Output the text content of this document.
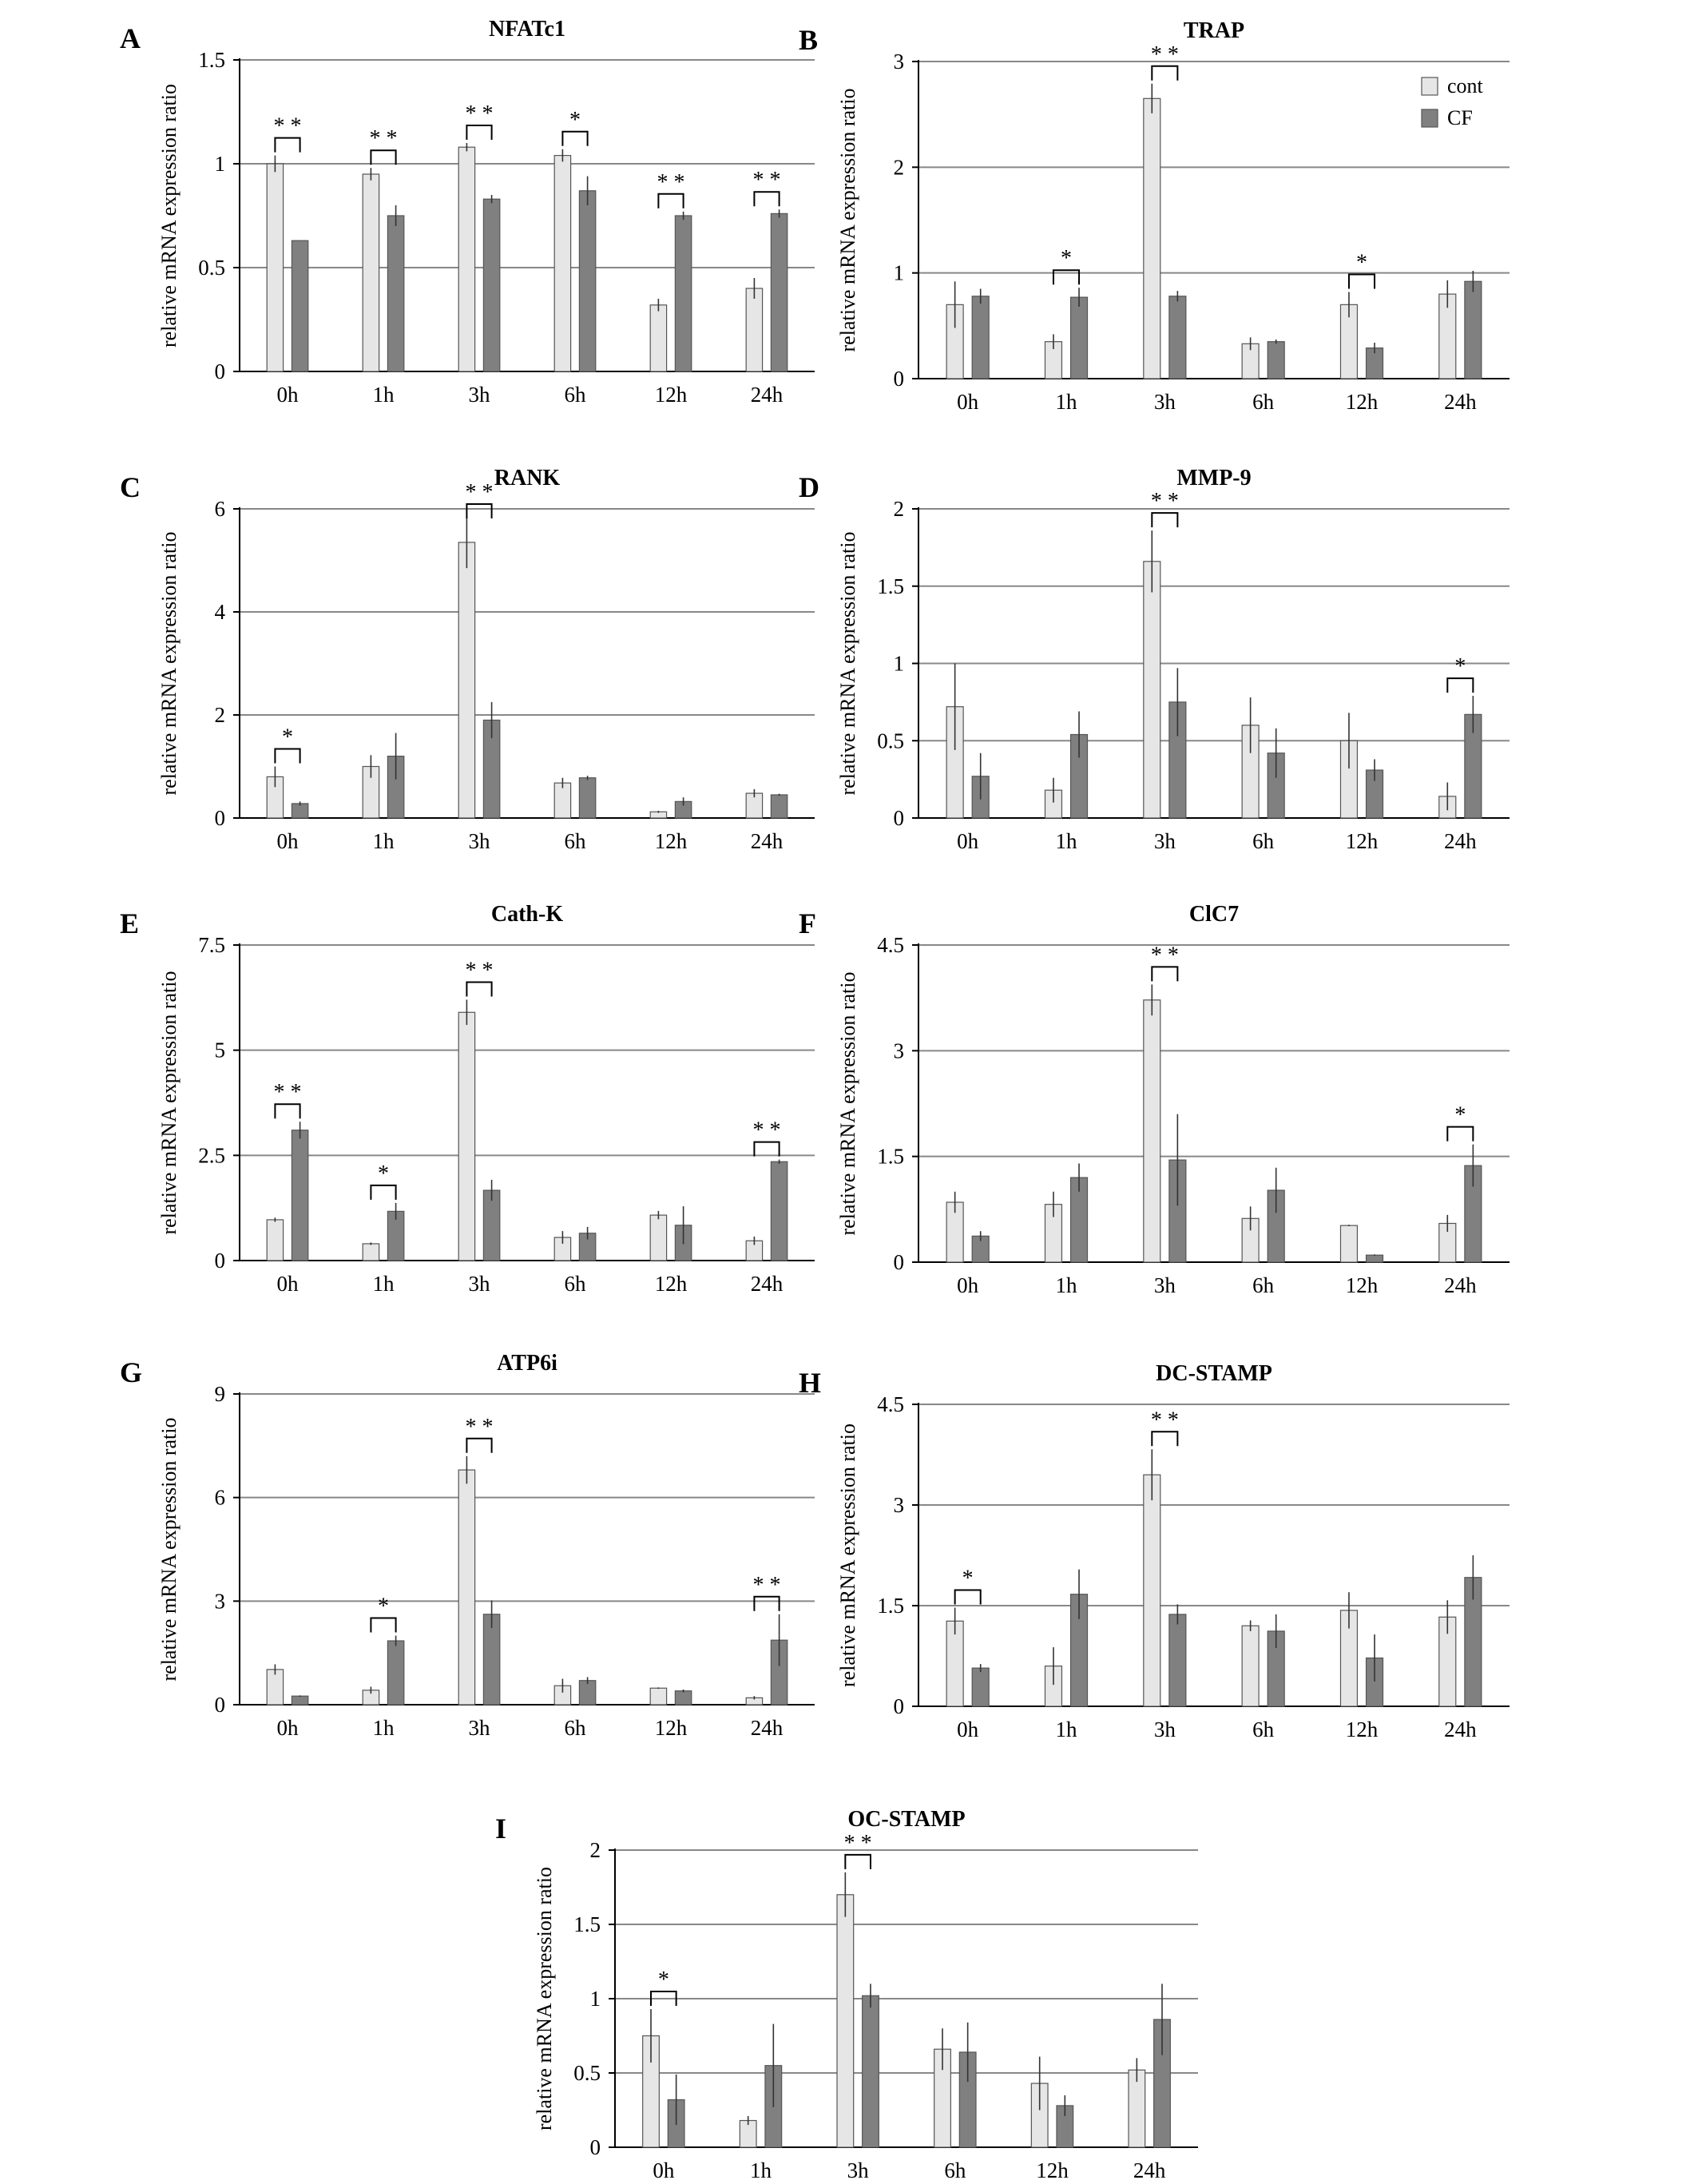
A	NFATc1
relative mRNA expression ratio
0
0.5
1
1.5
0h	1h	3h	6h	12h	24h
* *
* *
* *	*
* *	* *
B	TRAP
relative mRNA expression ratio
0
1
2
3
0h	1h	3h	6h	12h	24h
*
* *
*
cont
CF
C	RANK
relative mRNA expression ratio
0
2
4
6
0h	1h	3h	6h	12h	24h
*
* *	D	MMP-9
relative mRNA expression ratio
0
0.5
1
1.5
2
0h	1h	3h	6h	12h	24h
* *
*
E	Cath-K
relative mRNA expression ratio
0
2.5
5
7.5
0h	1h	3h	6h	12h	24h
* *
*
* *
* *
F	ClC7
relative mRNA expression ratio
0
1.5
3
4.5
0h	1h	3h	6h	12h	24h
* *
*
G	ATP6i
relative mRNA expression ratio
0
3
6
9
0h	1h	3h	6h	12h	24h
*
* *
* *
H	DC-STAMP
relative mRNA expression ratio
0
1.5
3
4.5
0h	1h	3h	6h	12h	24h
*
* *
I	OC-STAMP
relative mRNA expression ratio
0
0.5
1
1.5
2
0h	1h	3h	6h	12h	24h
*
* *
